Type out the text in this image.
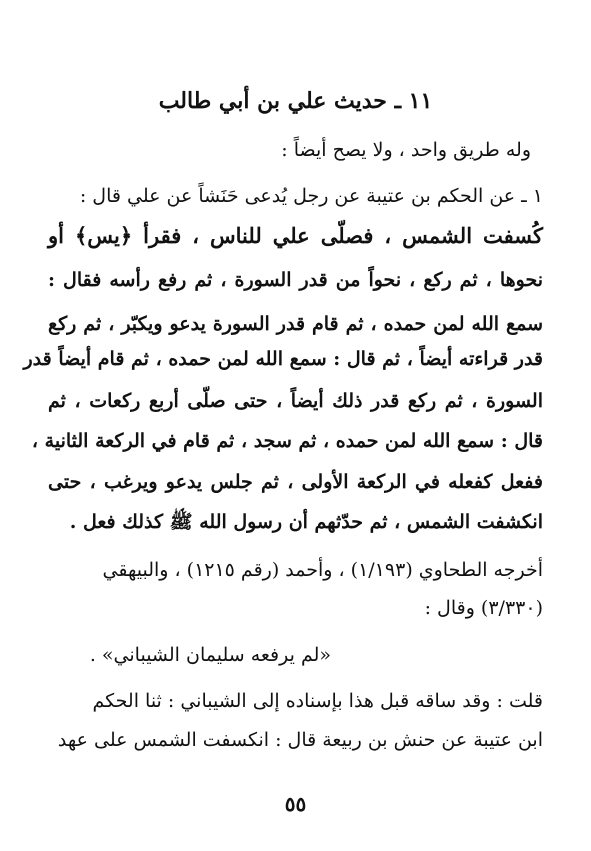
١١ ـ حديث علي بن أبي طالب
وله طريق واحد ، ولا يصح أيضاً :
١ ـ عن الحكم بن عتيبة عن رجل يُدعى حَنَشاً عن علي قال :
كُسفت الشمس ، فصلّى علي للناس ، فقرأ ﴿يس﴾ أو
نحوها ، ثم ركع ، نحواً من قدر السورة ، ثم رفع رأسه فقال :
سمع الله لمن حمده ، ثم قام قدر السورة يدعو ويكبّر ، ثم ركع
قدر قراءته أيضاً ، ثم قال : سمع الله لمن حمده ، ثم قام أيضاً قدر
السورة ، ثم ركع قدر ذلك أيضاً ، حتى صلّى أربع ركعات ، ثم
قال : سمع الله لمن حمده ، ثم سجد ، ثم قام في الركعة الثانية ،
ففعل كفعله في الركعة الأولى ، ثم جلس يدعو ويرغب ، حتى
انكشفت الشمس ، ثم حدّثهم أن رسول الله ﷺ كذلك فعل .
أخرجه الطحاوي (١/١٩٣) ، وأحمد (رقم ١٢١٥) ، والبيهقي
(٣/٣٣٠) وقال :
«لم يرفعه سليمان الشيباني» .
قلت : وقد ساقه قبل هذا بإسناده إلى الشيباني : ثنا الحكم
ابن عتيبة عن حنش بن ربيعة قال : انكسفت الشمس على عهد
٥٥
